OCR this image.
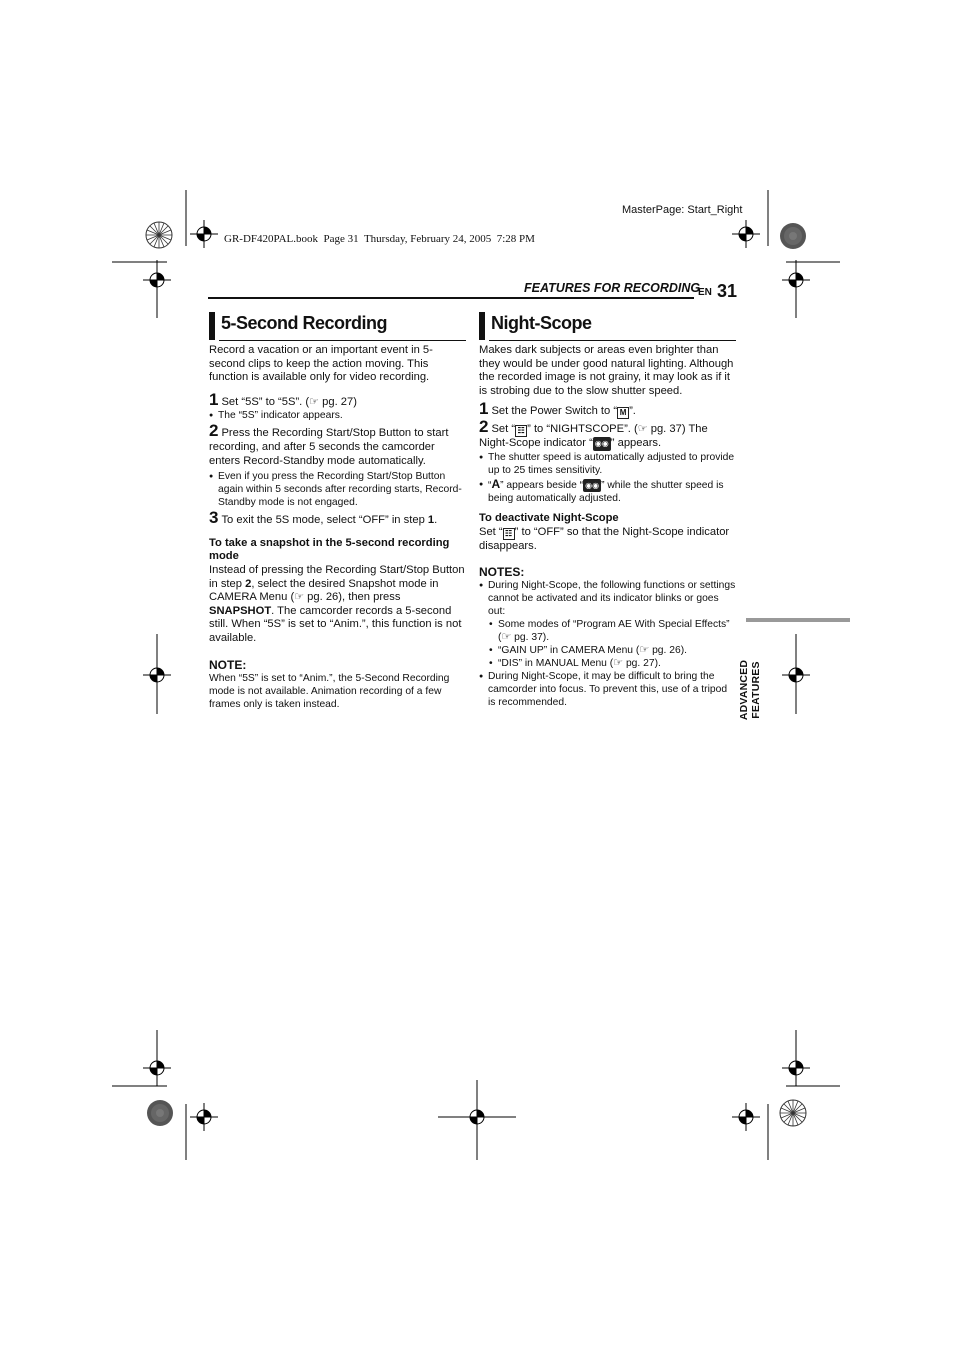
MasterPage: Start_Right
GR-DF420PAL.book  Page 31  Thursday, February 24, 2005  7:28 PM
FEATURES FOR RECORDING
EN 31
ADVANCED FEATURES
5-Second Recording
Record a vacation or an important event in 5-second clips to keep the action moving. This function is available only for video recording.
1 Set “5S” to “5S”. (☞ pg. 27)
● The “5S” indicator appears.
2 Press the Recording Start/Stop Button to start recording, and after 5 seconds the camcorder enters Record-Standby mode automatically.
● Even if you press the Recording Start/Stop Button again within 5 seconds after recording starts, Record-Standby mode is not engaged.
3 To exit the 5S mode, select “OFF” in step 1.
To take a snapshot in the 5-second recording mode
Instead of pressing the Recording Start/Stop Button in step 2, select the desired Snapshot mode in CAMERA Menu (☞ pg. 26), then press SNAPSHOT. The camcorder records a 5-second still. When “5S” is set to “Anim.”, this function is not available.
NOTE:
When “5S” is set to “Anim.”, the 5-Second Recording mode is not available. Animation recording of a few frames only is taken instead.
Night-Scope
Makes dark subjects or areas even brighter than they would be under good natural lighting. Although the recorded image is not grainy, it may look as if it is strobing due to the slow shutter speed.
1 Set the Power Switch to “ M ”.
2 Set “ ☷ ” to “NIGHTSCOPE”. (☞ pg. 37) The Night-Scope indicator “ ◉◉ ” appears.
● The shutter speed is automatically adjusted to provide up to 25 times sensitivity.
● “A” appears beside “ ◉◉ ” while the shutter speed is being automatically adjusted.
To deactivate Night-Scope
Set “ ☷ ” to “OFF” so that the Night-Scope indicator disappears.
NOTES:
● During Night-Scope, the following functions or settings cannot be activated and its indicator blinks or goes out:
• Some modes of “Program AE With Special Effects” (☞ pg. 37).
• “GAIN UP” in CAMERA Menu (☞ pg. 26).
• “DIS” in MANUAL Menu (☞ pg. 27).
● During Night-Scope, it may be difficult to bring the camcorder into focus. To prevent this, use of a tripod is recommended.
